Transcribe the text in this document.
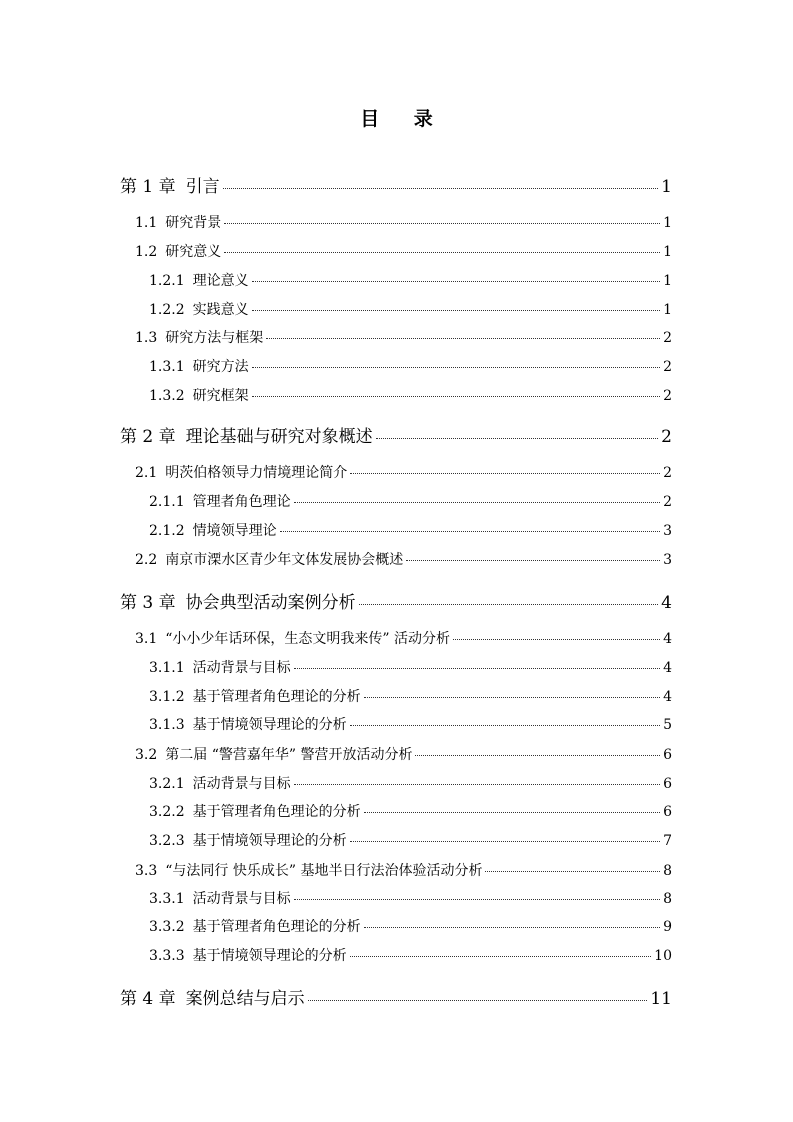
目 录
第 1 章 引言	1
1.1 研究背景	1
1.2 研究意义	1
1.2.1 理论意义	1
1.2.2 实践意义	1
1.3 研究方法与框架	2
1.3.1 研究方法	2
1.3.2 研究框架	2
第 2 章 理论基础与研究对象概述	2
2.1 明茨伯格领导力情境理论简介	2
2.1.1 管理者角色理论	2
2.1.2 情境领导理论	3
2.2 南京市溧水区青少年文体发展协会概述	3
第 3 章 协会典型活动案例分析	4
3.1 “小小少年话环保，生态文明我来传” 活动分析	4
3.1.1 活动背景与目标	4
3.1.2 基于管理者角色理论的分析	4
3.1.3 基于情境领导理论的分析	5
3.2 第二届 “警营嘉年华” 警营开放活动分析	6
3.2.1 活动背景与目标	6
3.2.2 基于管理者角色理论的分析	6
3.2.3 基于情境领导理论的分析	7
3.3 “与法同行 快乐成长” 基地半日行法治体验活动分析	8
3.3.1 活动背景与目标	8
3.3.2 基于管理者角色理论的分析	9
3.3.3 基于情境领导理论的分析	10
第 4 章 案例总结与启示	11
